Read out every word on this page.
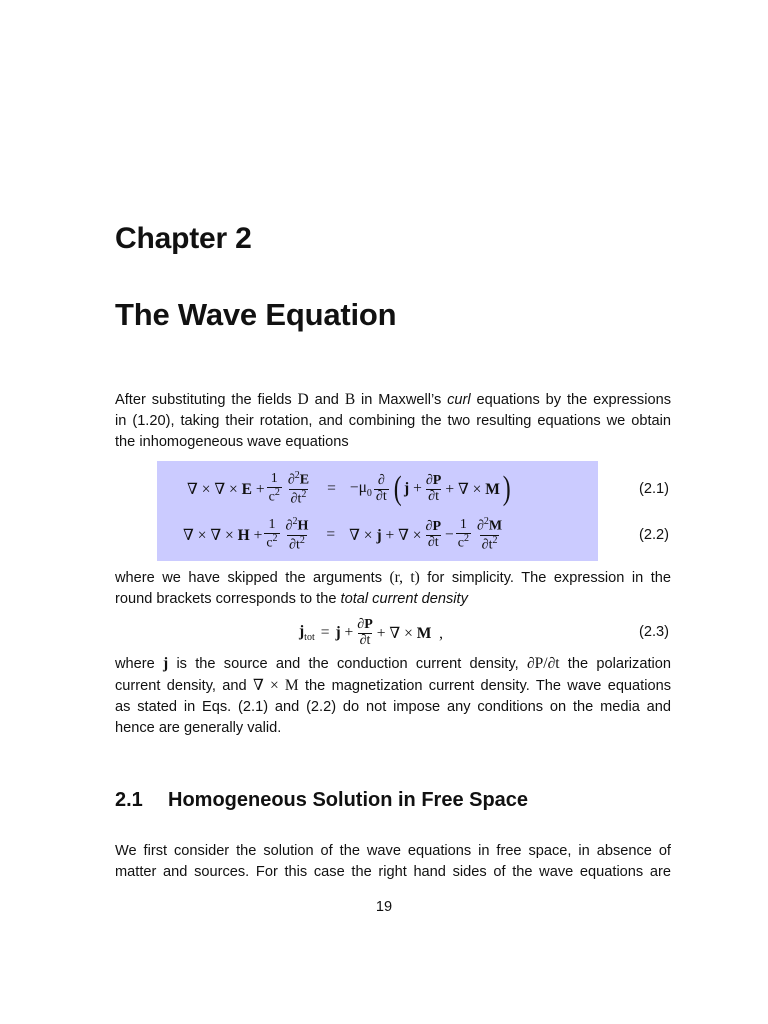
Chapter 2
The Wave Equation
After substituting the fields D and B in Maxwell’s curl equations by the expressions
in (1.20), taking their rotation, and combining the two resulting equations we obtain
the inhomogeneous wave equations
∇ × ∇ × $E + \frac{1}{c^2} \frac{\partial^2E}{\partial t^2} = -\mu_0 \frac{\partial}{\partial t}$ ( $j + \frac{\partial P}{\partial t}$ + ∇ × M )	(2.1)
∇ × ∇ × $H + \frac{1}{c^2} \frac{\partial^2H}{\partial t^2}$ = ∇ × j + ∇ × $\frac{\partial P}{\partial t} - \frac{1}{c^2} \frac{\partial^2M}{\partial t^2}$	(2.2)
where we have skipped the arguments (r, t) for simplicity. The expression in the
round brackets corresponds to the total current density
$j_{tot} = j + \frac{\partial P}{\partial t}$ + ∇ × M  ,	(2.3)
where j is the source and the conduction current density, ∂P/∂t the polarization
current density, and ∇ × M the magnetization current density. The wave equations
as stated in Eqs. (2.1) and (2.2) do not impose any conditions on the media and
hence are generally valid.
2.1 Homogeneous Solution in Free Space
We first consider the solution of the wave equations in free space, in absence of
matter and sources. For this case the right hand sides of the wave equations are
19
